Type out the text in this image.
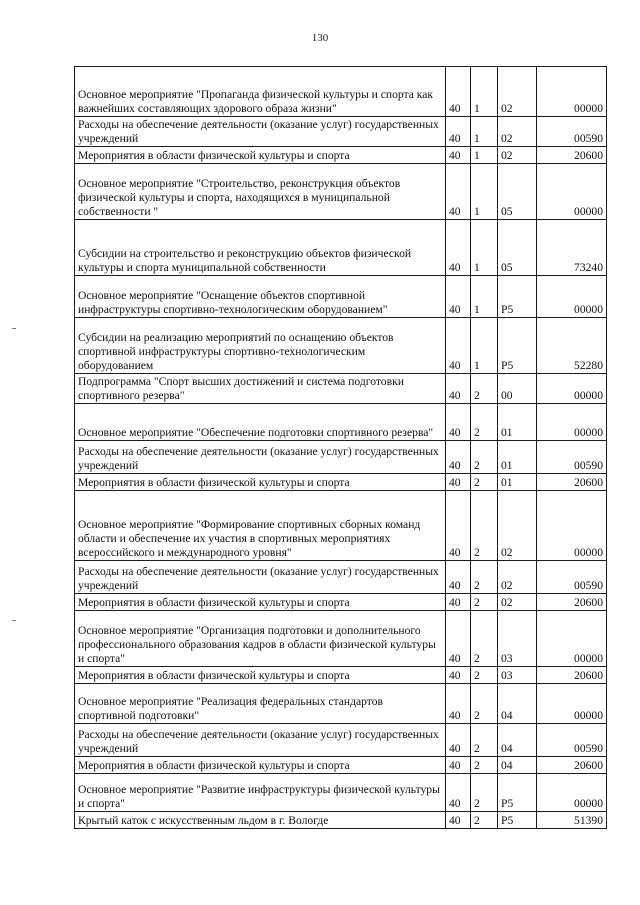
130
Основное мероприятие "Пропаганда физической культуры и спорта как важнейших составляющих здорового образа жизни"	40	1	02	00000
Расходы на обеспечение деятельности (оказание услуг) государственных учреждений	40	1	02	00590
Мероприятия в области физической культуры и спорта	40	1	02	20600
Основное мероприятие "Строительство, реконструкция объектов физической культуры и спорта, находящихся в муниципальной собственности "	40	1	05	00000
Субсидии на строительство и реконструкцию объектов физической культуры и спорта муниципальной собственности	40	1	05	73240
Основное мероприятие "Оснащение объектов спортивной инфраструктуры спортивно-технологическим оборудованием"	40	1	P5	00000
Субсидии на реализацию мероприятий по оснащению объектов спортивной инфраструктуры спортивно-технологическим оборудованием	40	1	P5	52280
Подпрограмма "Спорт высших достижений и система подготовки спортивного резерва"	40	2	00	00000
Основное мероприятие "Обеспечение подготовки спортивного резерва"	40	2	01	00000
Расходы на обеспечение деятельности (оказание услуг) государственных учреждений	40	2	01	00590
Мероприятия в области физической культуры и спорта	40	2	01	20600
Основное мероприятие "Формирование спортивных сборных команд области и обеспечение их участия в спортивных мероприятиях всероссийского и международного уровня"	40	2	02	00000
Расходы на обеспечение деятельности (оказание услуг) государственных учреждений	40	2	02	00590
Мероприятия в области физической культуры и спорта	40	2	02	20600
Основное мероприятие "Организация подготовки и дополнительного профессионального образования кадров в области физической культуры и спорта"	40	2	03	00000
Мероприятия в области физической культуры и спорта	40	2	03	20600
Основное мероприятие "Реализация федеральных стандартов спортивной подготовки"	40	2	04	00000
Расходы на обеспечение деятельности (оказание услуг) государственных учреждений	40	2	04	00590
Мероприятия в области физической культуры и спорта	40	2	04	20600
Основное мероприятие "Развитие инфраструктуры физической культуры и спорта"	40	2	P5	00000
Крытый каток с искусственным льдом в г. Вологде	40	2	P5	51390
